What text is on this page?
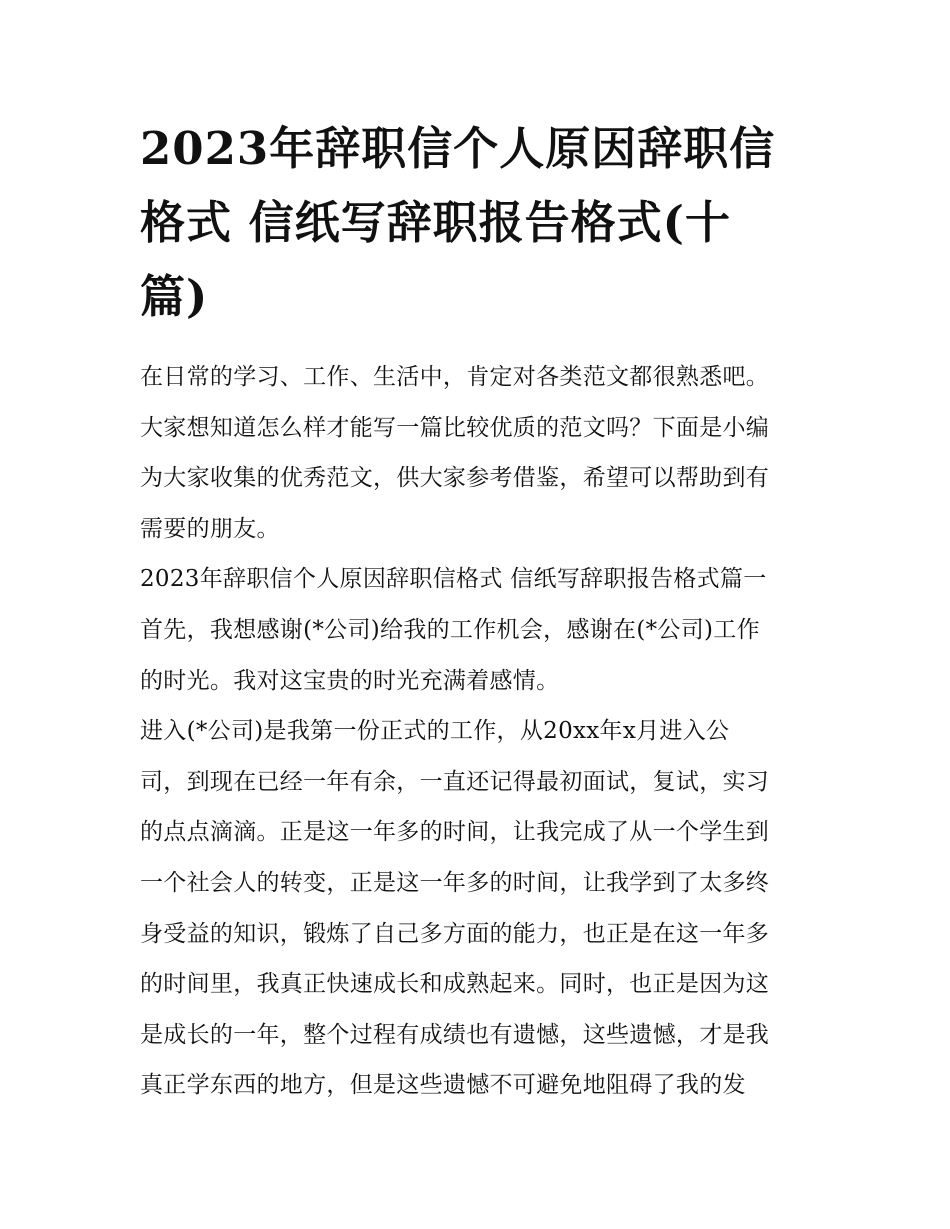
2023年辞职信个人原因辞职信
格式 信纸写辞职报告格式(十
篇)
在日常的学习、工作、生活中，肯定对各类范文都很熟悉吧。
大家想知道怎么样才能写一篇比较优质的范文吗？下面是小编
为大家收集的优秀范文，供大家参考借鉴，希望可以帮助到有
需要的朋友。
2023年辞职信个人原因辞职信格式 信纸写辞职报告格式篇一
首先，我想感谢(*公司)给我的工作机会，感谢在(*公司)工作
的时光。我对这宝贵的时光充满着感情。
进入(*公司)是我第一份正式的工作，从20xx年x月进入公
司，到现在已经一年有余，一直还记得最初面试，复试，实习
的点点滴滴。正是这一年多的时间，让我完成了从一个学生到
一个社会人的转变，正是这一年多的时间，让我学到了太多终
身受益的知识，锻炼了自己多方面的能力，也正是在这一年多
的时间里，我真正快速成长和成熟起来。同时，也正是因为这
是成长的一年，整个过程有成绩也有遗憾，这些遗憾，才是我
真正学东西的地方，但是这些遗憾不可避免地阻碍了我的发
